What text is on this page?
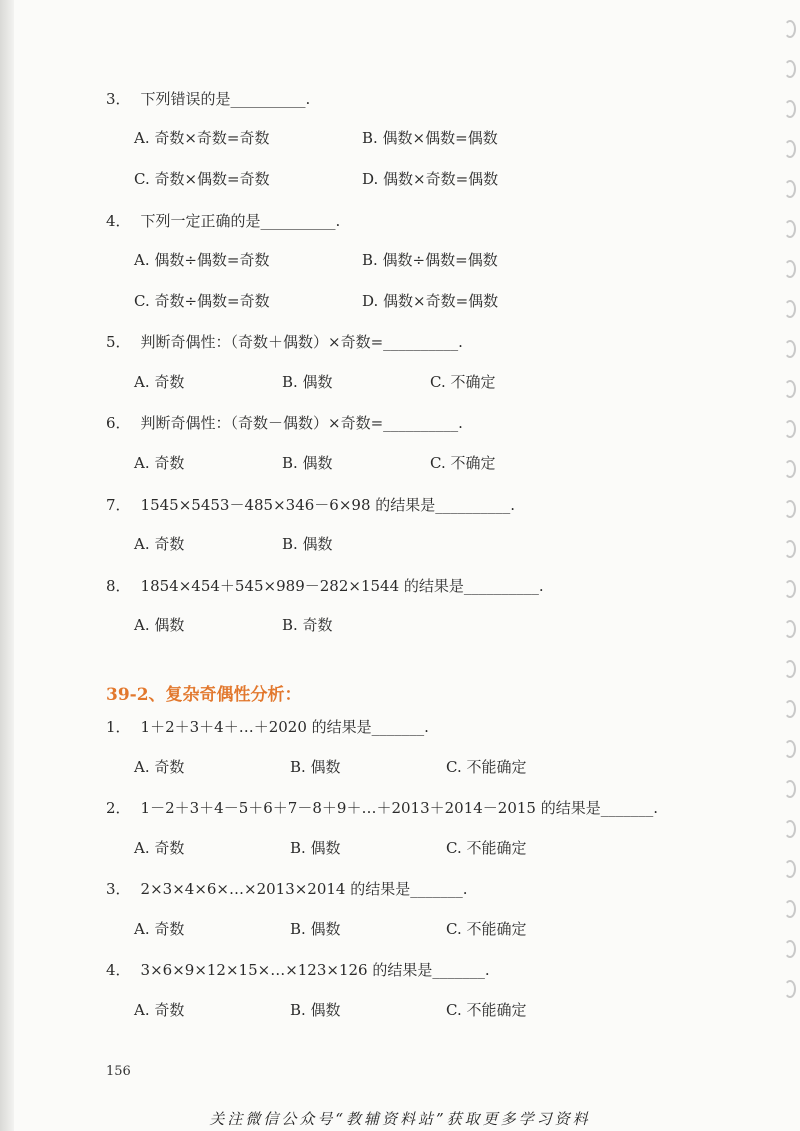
3． 下列错误的是__________.
A. 奇数×奇数=奇数	B. 偶数×偶数=偶数
C. 奇数×偶数=奇数	D. 偶数×奇数=偶数
4． 下列一定正确的是__________.
A. 偶数÷偶数=奇数	B. 偶数÷偶数=偶数
C. 奇数÷偶数=奇数	D. 偶数×奇数=偶数
5． 判断奇偶性：（奇数＋偶数）×奇数=__________.
A. 奇数	B. 偶数	C. 不确定
6． 判断奇偶性：（奇数－偶数）×奇数=__________.
A. 奇数	B. 偶数	C. 不确定
7． 1545×5453－485×346－6×98 的结果是__________.
A. 奇数	B. 偶数
8． 1854×454＋545×989－282×1544 的结果是__________.
A. 偶数	B. 奇数
39-2、复杂奇偶性分析：
1． 1＋2＋3＋4＋…＋2020 的结果是_______.
A. 奇数	B. 偶数	C. 不能确定
2． 1－2＋3＋4－5＋6＋7－8＋9＋…＋2013＋2014－2015 的结果是_______.
A. 奇数	B. 偶数	C. 不能确定
3． 2×3×4×6×…×2013×2014 的结果是_______.
A. 奇数	B. 偶数	C. 不能确定
4． 3×6×9×12×15×…×123×126 的结果是_______.
A. 奇数	B. 偶数	C. 不能确定
156
关注微信公众号“教辅资料站”获取更多学习资料
